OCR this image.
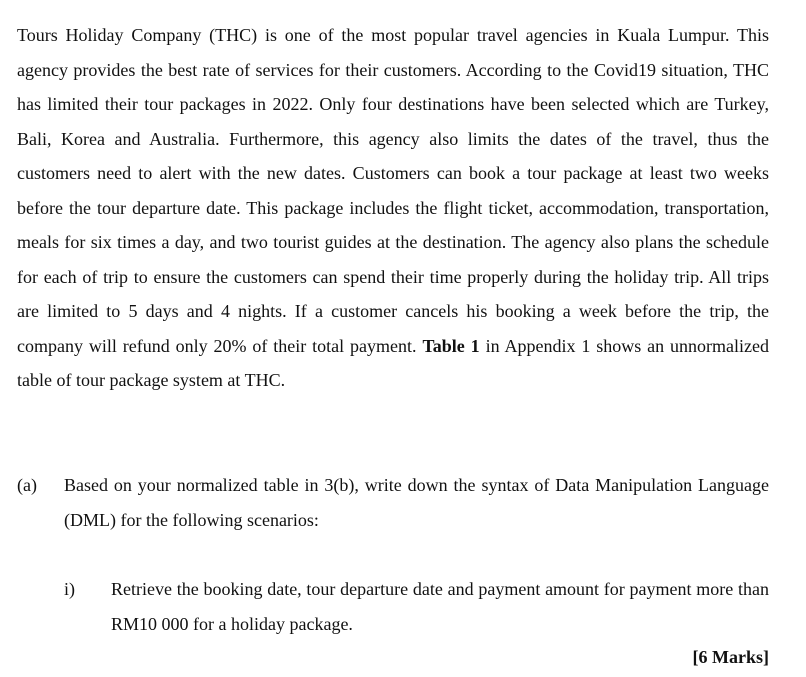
Tours Holiday Company (THC) is one of the most popular travel agencies in Kuala Lumpur. This agency provides the best rate of services for their customers. According to the Covid19 situation, THC has limited their tour packages in 2022. Only four destinations have been selected which are Turkey, Bali, Korea and Australia. Furthermore, this agency also limits the dates of the travel, thus the customers need to alert with the new dates. Customers can book a tour package at least two weeks before the tour departure date. This package includes the flight ticket, accommodation, transportation, meals for six times a day, and two tourist guides at the destination. The agency also plans the schedule for each of trip to ensure the customers can spend their time properly during the holiday trip. All trips are limited to 5 days and 4 nights. If a customer cancels his booking a week before the trip, the company will refund only 20% of their total payment. Table 1 in Appendix 1 shows an unnormalized table of tour package system at THC.

(a)	Based on your normalized table in 3(b), write down the syntax of Data Manipulation Language (DML) for the following scenarios:
i)	Retrieve the booking date, tour departure date and payment amount for payment more than RM10 000 for a holiday package.
[6 Marks]
